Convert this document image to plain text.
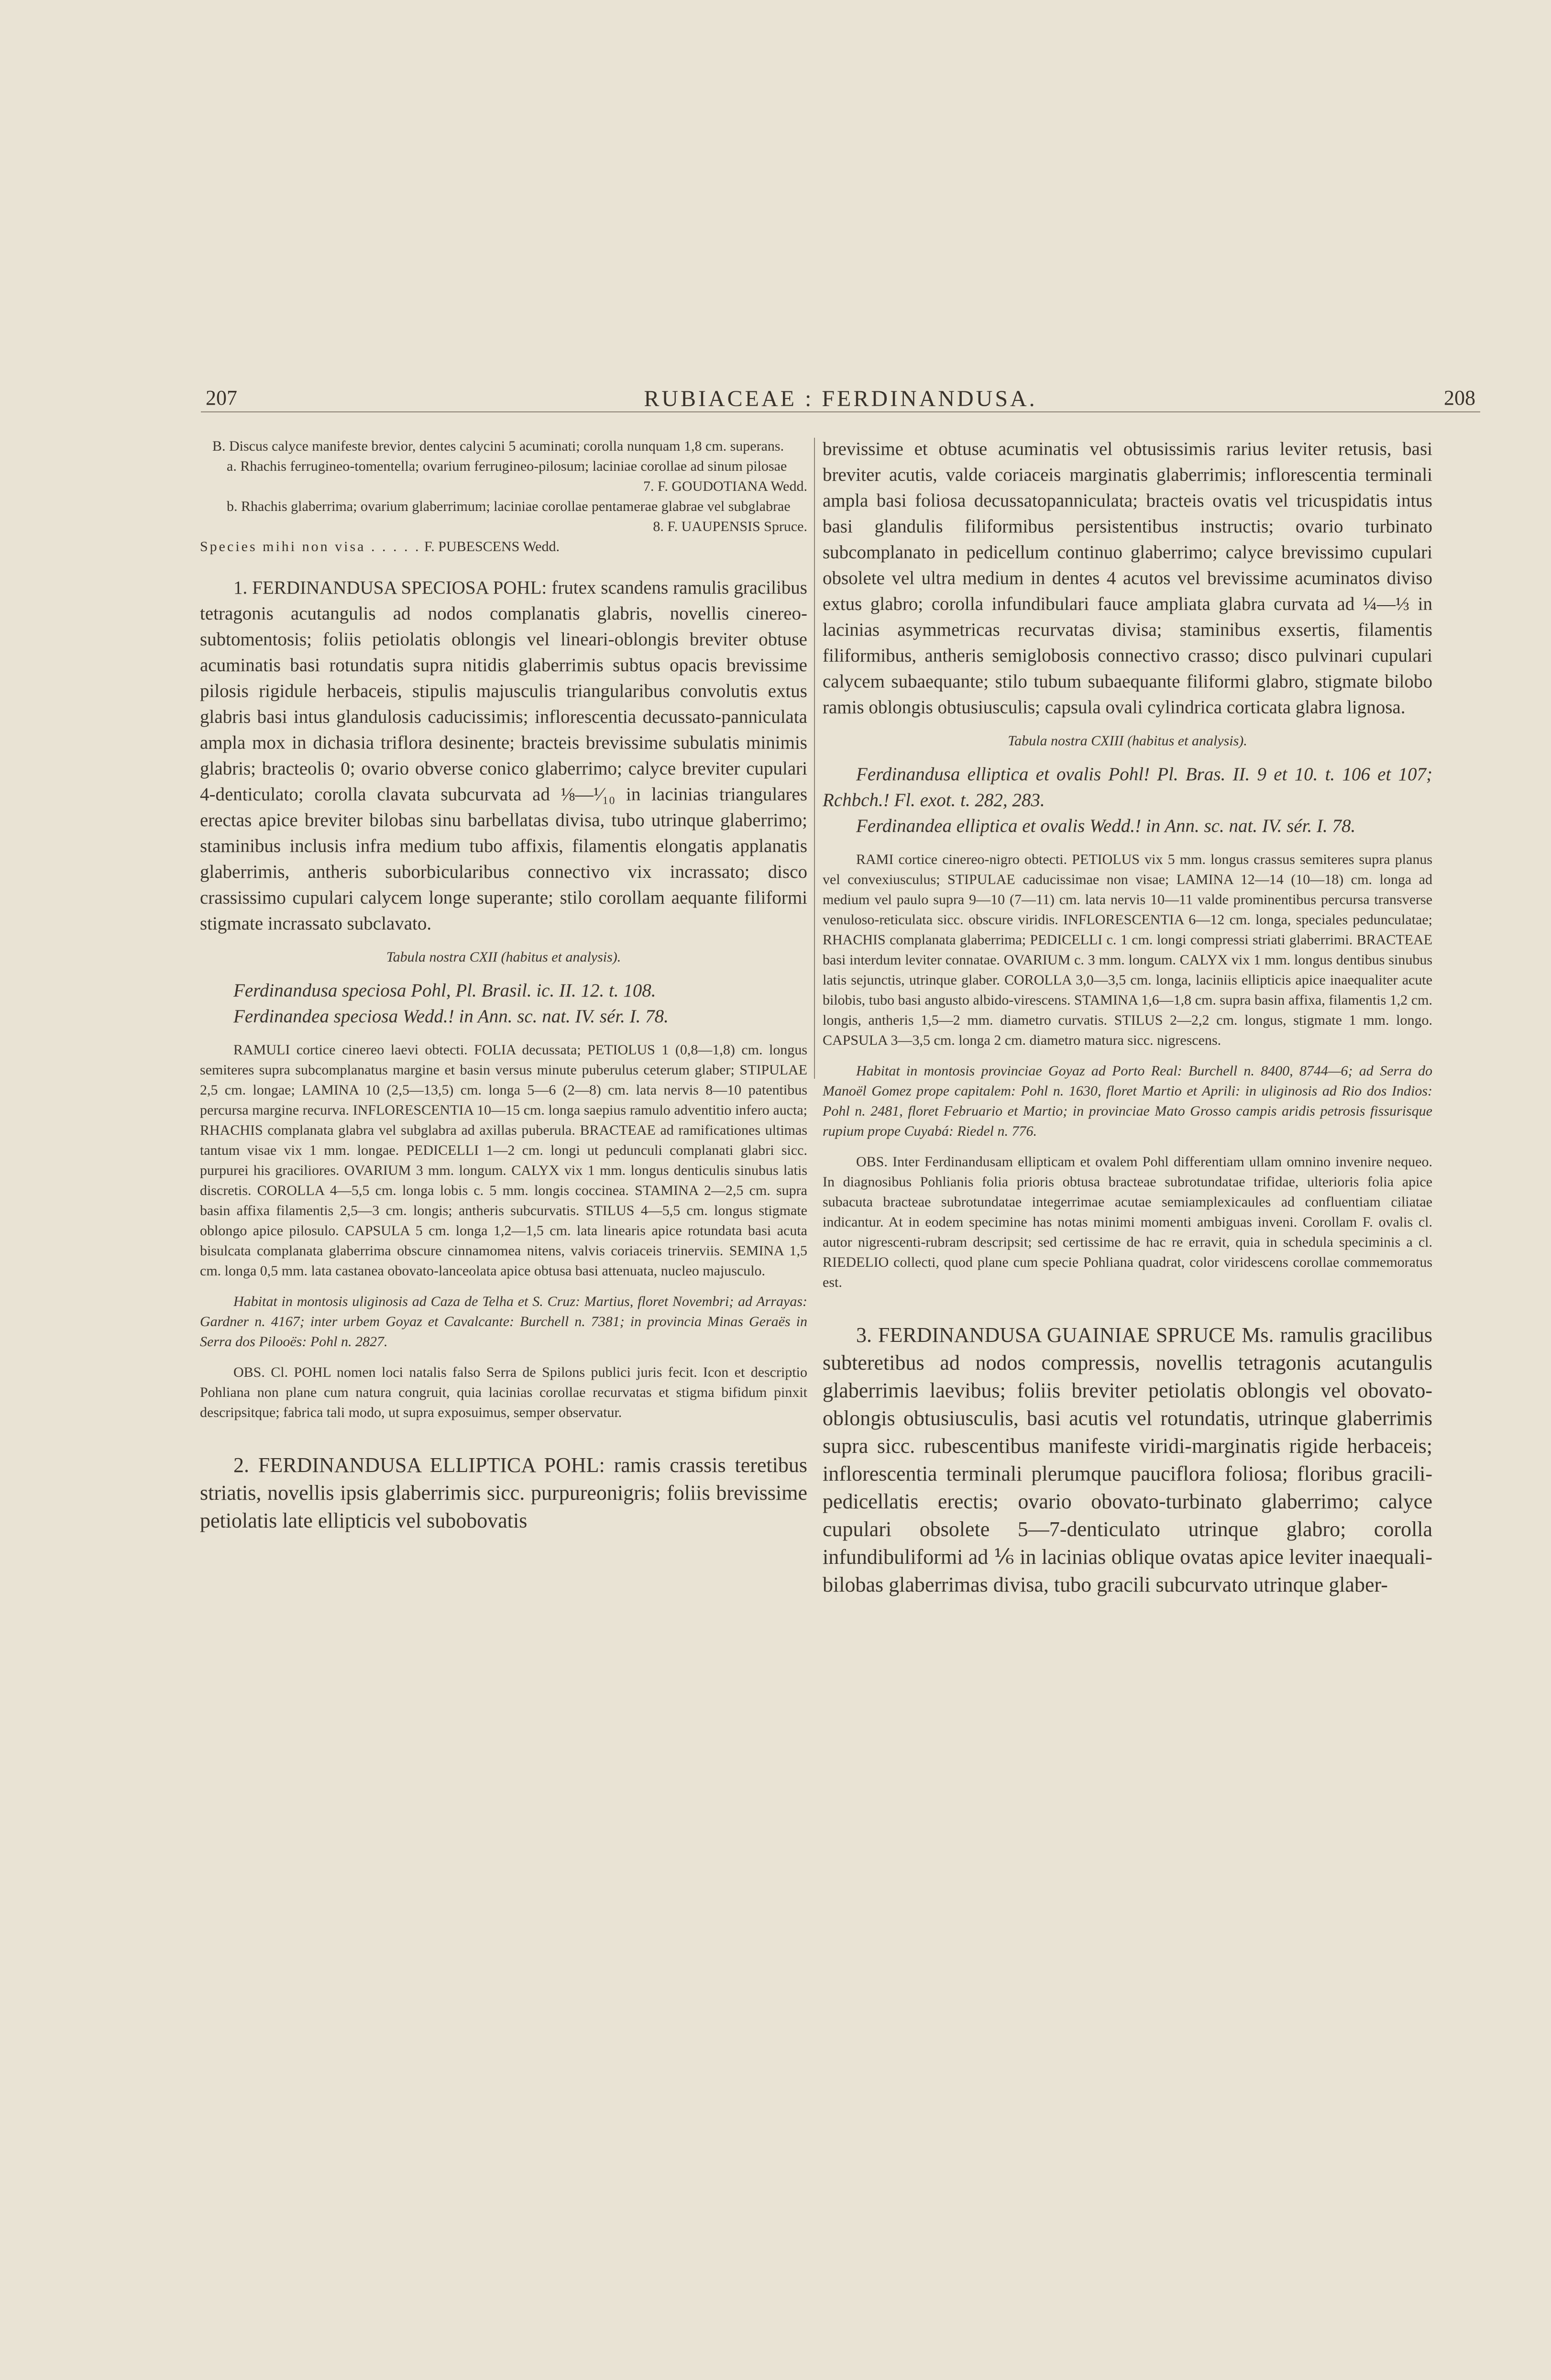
207	RUBIACEAE : FERDINANDUSA.	208

B. Discus calyce manifeste brevior, dentes calycini 5 acuminati; corolla nunquam 1,8 cm. superans.

a. Rhachis ferrugineo-tomentella; ovarium ferrugineo-pilosum; laciniae corollae ad sinum pilosae

7. F. GOUDOTIANA Wedd.

b. Rhachis glaberrima; ovarium glaberrimum; laciniae corollae pentamerae glabrae vel subglabrae

8. F. UAUPENSIS Spruce.

Species mihi non visa . . . . . F. PUBESCENS Wedd.

1. FERDINANDUSA SPECIOSA POHL: frutex scandens ramulis gracilibus tetragonis acutangulis ad nodos complanatis glabris, novellis cinereo-subtomentosis; foliis petiolatis oblongis vel lineari-oblongis breviter obtuse acuminatis basi rotundatis supra nitidis glaberrimis subtus opacis brevissime pilosis rigidule herbaceis, stipulis majusculis triangularibus convolutis extus glabris basi intus glandulosis caducissimis; inflorescentia decussato-panniculata ampla mox in dichasia triflora desinente; bracteis brevissime subulatis minimis glabris; bracteolis 0; ovario obverse conico glaberrimo; calyce breviter cupulari 4-denticulato; corolla clavata subcurvata ad ⅛—¹⁄₁₀ in lacinias triangulares erectas apice breviter bilobas sinu barbellatas divisa, tubo utrinque glaberrimo; staminibus inclusis infra medium tubo affixis, filamentis elongatis applanatis glaberrimis, antheris suborbicularibus connectivo vix incrassato; disco crassissimo cupulari calycem longe superante; stilo corollam aequante filiformi stigmate incrassato subclavato.

Tabula nostra CXII (habitus et analysis).

Ferdinandusa speciosa Pohl, Pl. Brasil. ic. II. 12. t. 108.

Ferdinandea speciosa Wedd.! in Ann. sc. nat. IV. sér. I. 78.

RAMULI cortice cinereo laevi obtecti. FOLIA decussata; PETIOLUS 1 (0,8—1,8) cm. longus semiteres supra subcomplanatus margine et basin versus minute puberulus ceterum glaber; STIPULAE 2,5 cm. longae; LAMINA 10 (2,5—13,5) cm. longa 5—6 (2—8) cm. lata nervis 8—10 patentibus percursa margine recurva. INFLORESCENTIA 10—15 cm. longa saepius ramulo adventitio infero aucta; RHACHIS complanata glabra vel subglabra ad axillas puberula. BRACTEAE ad ramificationes ultimas tantum visae vix 1 mm. longae. PEDICELLI 1—2 cm. longi ut pedunculi complanati glabri sicc. purpurei his graciliores. OVARIUM 3 mm. longum. CALYX vix 1 mm. longus denticulis sinubus latis discretis. COROLLA 4—5,5 cm. longa lobis c. 5 mm. longis coccinea. STAMINA 2—2,5 cm. supra basin affixa filamentis 2,5—3 cm. longis; antheris subcurvatis. STILUS 4—5,5 cm. longus stigmate oblongo apice pilosulo. CAPSULA 5 cm. longa 1,2—1,5 cm. lata linearis apice rotundata basi acuta bisulcata complanata glaberrima obscure cinnamomea nitens, valvis coriaceis trinerviis. SEMINA 1,5 cm. longa 0,5 mm. lata castanea obovato-lanceolata apice obtusa basi attenuata, nucleo majusculo.

Habitat in montosis uliginosis ad Caza de Telha et S. Cruz: Martius, floret Novembri; ad Arrayas: Gardner n. 4167; inter urbem Goyaz et Cavalcante: Burchell n. 7381; in provincia Minas Geraës in Serra dos Pilooës: Pohl n. 2827.

OBS. Cl. POHL nomen loci natalis falso Serra de Spilons publici juris fecit. Icon et descriptio Pohliana non plane cum natura congruit, quia lacinias corollae recurvatas et stigma bifidum pinxit descripsitque; fabrica tali modo, ut supra exposuimus, semper observatur.

2. FERDINANDUSA ELLIPTICA POHL: ramis crassis teretibus striatis, novellis ipsis glaberrimis sicc. purpureonigris; foliis brevissime petiolatis late ellipticis vel subobovatis

brevissime et obtuse acuminatis vel obtusissimis rarius leviter retusis, basi breviter acutis, valde coriaceis marginatis glaberrimis; inflorescentia terminali ampla basi foliosa decussatopanniculata; bracteis ovatis vel tricuspidatis intus basi glandulis filiformibus persistentibus instructis; ovario turbinato subcomplanato in pedicellum continuo glaberrimo; calyce brevissimo cupulari obsolete vel ultra medium in dentes 4 acutos vel brevissime acuminatos diviso extus glabro; corolla infundibulari fauce ampliata glabra curvata ad ¼—⅓ in lacinias asymmetricas recurvatas divisa; staminibus exsertis, filamentis filiformibus, antheris semiglobosis connectivo crasso; disco pulvinari cupulari calycem subaequante; stilo tubum subaequante filiformi glabro, stigmate bilobo ramis oblongis obtusiusculis; capsula ovali cylindrica corticata glabra lignosa.

Tabula nostra CXIII (habitus et analysis).

Ferdinandusa elliptica et ovalis Pohl! Pl. Bras. II. 9 et 10. t. 106 et 107; Rchbch.! Fl. exot. t. 282, 283.

Ferdinandea elliptica et ovalis Wedd.! in Ann. sc. nat. IV. sér. I. 78.

RAMI cortice cinereo-nigro obtecti. PETIOLUS vix 5 mm. longus crassus semiteres supra planus vel convexiusculus; STIPULAE caducissimae non visae; LAMINA 12—14 (10—18) cm. longa ad medium vel paulo supra 9—10 (7—11) cm. lata nervis 10—11 valde prominentibus percursa transverse venuloso-reticulata sicc. obscure viridis. INFLORESCENTIA 6—12 cm. longa, speciales pedunculatae; RHACHIS complanata glaberrima; PEDICELLI c. 1 cm. longi compressi striati glaberrimi. BRACTEAE basi interdum leviter connatae. OVARIUM c. 3 mm. longum. CALYX vix 1 mm. longus dentibus sinubus latis sejunctis, utrinque glaber. COROLLA 3,0—3,5 cm. longa, laciniis ellipticis apice inaequaliter acute bilobis, tubo basi angusto albido-virescens. STAMINA 1,6—1,8 cm. supra basin affixa, filamentis 1,2 cm. longis, antheris 1,5—2 mm. diametro curvatis. STILUS 2—2,2 cm. longus, stigmate 1 mm. longo. CAPSULA 3—3,5 cm. longa 2 cm. diametro matura sicc. nigrescens.

Habitat in montosis provinciae Goyaz ad Porto Real: Burchell n. 8400, 8744—6; ad Serra do Manoël Gomez prope capitalem: Pohl n. 1630, floret Martio et Aprili: in uliginosis ad Rio dos Indios: Pohl n. 2481, floret Februario et Martio; in provinciae Mato Grosso campis aridis petrosis fissurisque rupium prope Cuyabá: Riedel n. 776.

OBS. Inter Ferdinandusam ellipticam et ovalem Pohl differentiam ullam omnino invenire nequeo. In diagnosibus Pohlianis folia prioris obtusa bracteae subrotundatae trifidae, ulterioris folia apice subacuta bracteae subrotundatae integerrimae acutae semiamplexicaules ad confluentiam ciliatae indicantur. At in eodem specimine has notas minimi momenti ambiguas inveni. Corollam F. ovalis cl. autor nigrescenti-rubram descripsit; sed certissime de hac re erravit, quia in schedula speciminis a cl. RIEDELIO collecti, quod plane cum specie Pohliana quadrat, color viridescens corollae commemoratus est.

3. FERDINANDUSA GUAINIAE SPRUCE Ms. ramulis gracilibus subteretibus ad nodos compressis, novellis tetragonis acutangulis glaberrimis laevibus; foliis breviter petiolatis oblongis vel obovato-oblongis obtusiusculis, basi acutis vel rotundatis, utrinque glaberrimis supra sicc. rubescentibus manifeste viridi-marginatis rigide herbaceis; inflorescentia terminali plerumque pauciflora foliosa; floribus gracili-pedicellatis erectis; ovario obovato-turbinato glaberrimo; calyce cupulari obsolete 5—7-denticulato utrinque glabro; corolla infundibuliformi ad ⅙ in lacinias oblique ovatas apice leviter inaequali-bilobas glaberrimas divisa, tubo gracili subcurvato utrinque glaber-
